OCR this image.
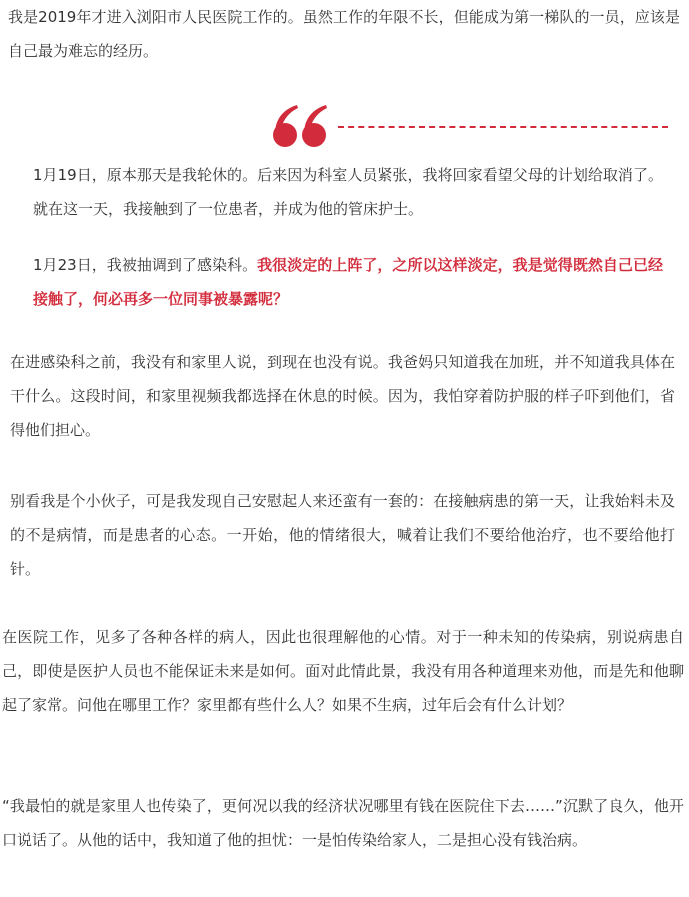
我是2019年才进入浏阳市人民医院工作的。虽然工作的年限不长，但能成为第一梯队的一员，应该是自己最为难忘的经历。

1月19日，原本那天是我轮休的。后来因为科室人员紧张，我将回家看望父母的计划给取消了。就在这一天，我接触到了一位患者，并成为他的管床护士。

1月23日，我被抽调到了感染科。我很淡定的上阵了，之所以这样淡定，我是觉得既然自己已经接触了，何必再多一位同事被暴露呢？

在进感染科之前，我没有和家里人说，到现在也没有说。我爸妈只知道我在加班，并不知道我具体在干什么。这段时间，和家里视频我都选择在休息的时候。因为，我怕穿着防护服的样子吓到他们，省得他们担心。

别看我是个小伙子，可是我发现自己安慰起人来还蛮有一套的：在接触病患的第一天，让我始料未及的不是病情，而是患者的心态。一开始，他的情绪很大，喊着让我们不要给他治疗，也不要给他打针。

在医院工作，见多了各种各样的病人，因此也很理解他的心情。对于一种未知的传染病，别说病患自己，即使是医护人员也不能保证未来是如何。面对此情此景，我没有用各种道理来劝他，而是先和他聊起了家常。问他在哪里工作？家里都有些什么人？如果不生病，过年后会有什么计划？

“我最怕的就是家里人也传染了，更何况以我的经济状况哪里有钱在医院住下去……”沉默了良久，他开口说话了。从他的话中，我知道了他的担忧：一是怕传染给家人，二是担心没有钱治病。
